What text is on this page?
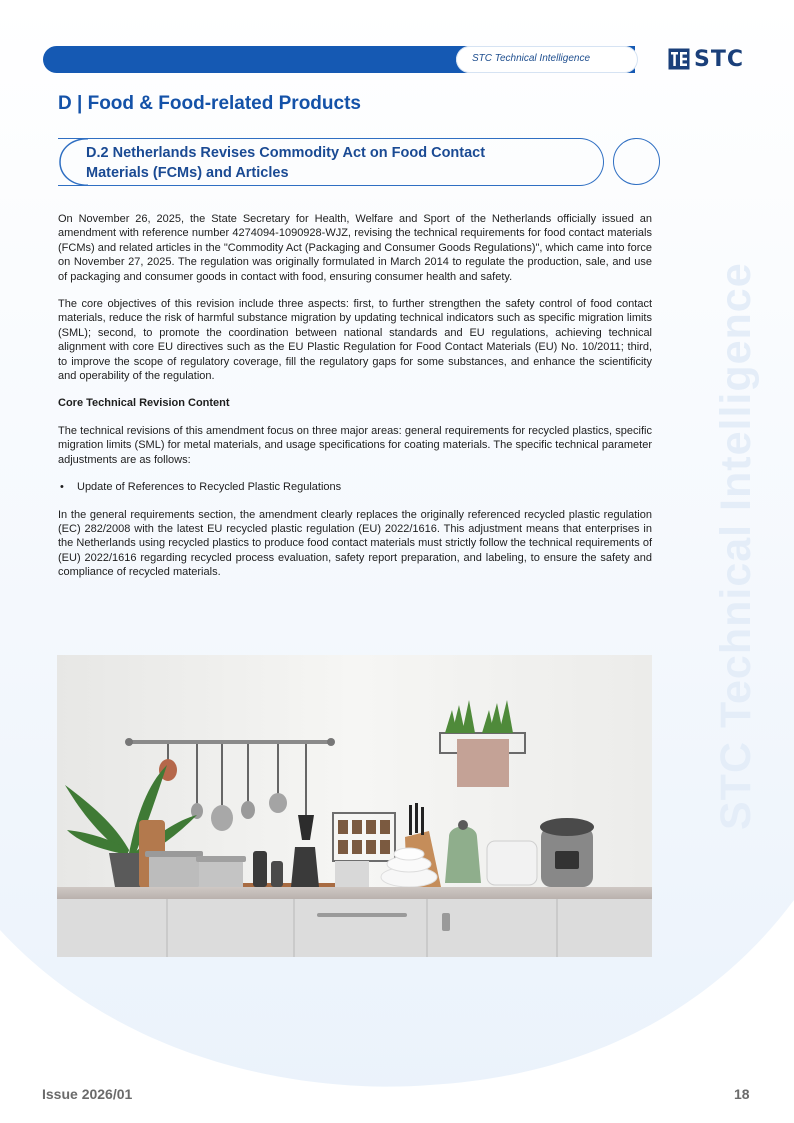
STC Technical Intelligence	STC
D | Food & Food-related Products
D.2 Netherlands Revises Commodity Act on Food Contact
Materials (FCMs) and Articles
STC Technical Intelligence

On November 26, 2025, the State Secretary for Health, Welfare and Sport of the Netherlands officially issued an amendment with reference number 4274094-1090928-WJZ, revising the technical requirements for food contact materials (FCMs) and related articles in the "Commodity Act (Packaging and Consumer Goods Regulations)", which came into force on November 27, 2025. The regulation was originally formulated in March 2014 to regulate the production, sale, and use of packaging and consumer goods in contact with food, ensuring consumer health and safety.

The core objectives of this revision include three aspects: first, to further strengthen the safety control of food contact materials, reduce the risk of harmful substance migration by updating technical indicators such as specific migration limits (SML); second, to promote the coordination between national standards and EU regulations, achieving technical alignment with core EU directives such as the EU Plastic Regulation for Food Contact Materials (EU) No. 10/2011; third, to improve the scope of regulatory coverage, fill the regulatory gaps for some substances, and enhance the scientificity and operability of the regulation.

Core Technical Revision Content

The technical revisions of this amendment focus on three major areas: general requirements for recycled plastics, specific migration limits (SML) for metal materials, and usage specifications for coating materials. The specific technical parameter adjustments are as follows:

•	Update of References to Recycled Plastic Regulations

In the general requirements section, the amendment clearly replaces the originally referenced recycled plastic regulation (EC) 282/2008 with the latest EU recycled plastic regulation (EU) 2022/1616. This adjustment means that enterprises in the Netherlands using recycled plastics to produce food contact materials must strictly follow the technical requirements of (EU) 2022/1616 regarding recycled process evaluation, safety report preparation, and labeling, to ensure the safety and compliance of recycled materials.

Issue 2026/01	18
